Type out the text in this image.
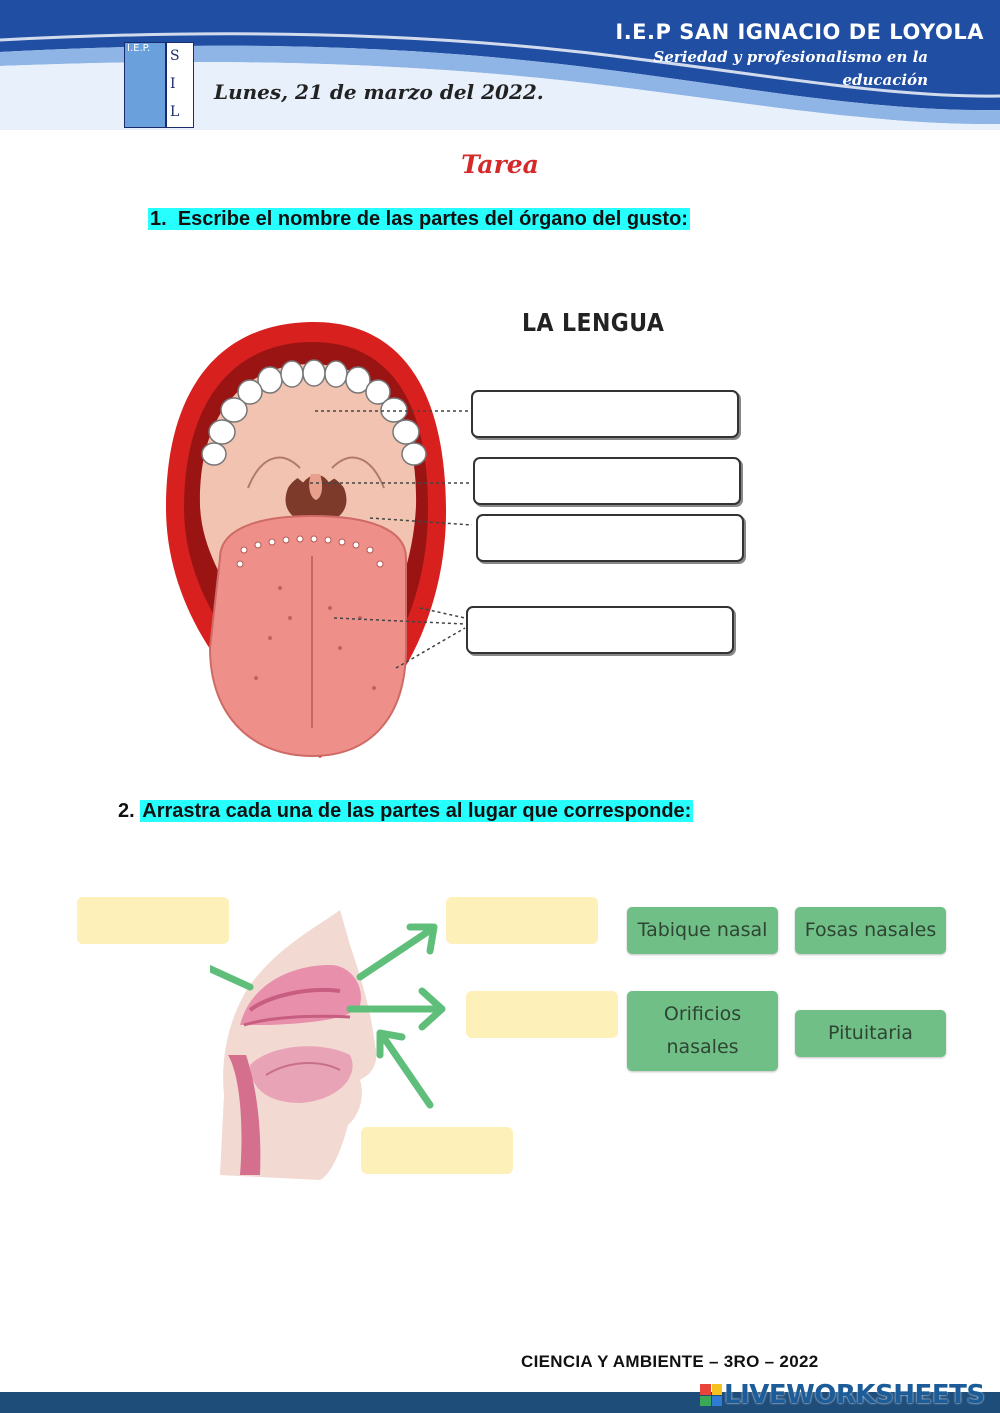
I.E.P SAN IGNACIO DE LOYOLA
Seriedad y profesionalismo en la educación
I.E.P. S
I
L
Lunes, 21 de marzo del 2022.
Tarea
1. Escribe el nombre de las partes del órgano del gusto:
LA LENGUA
2. Arrastra cada una de las partes al lugar que corresponde:
Tabique nasal	Fosas nasales
Orificios nasales
Pituitaria
CIENCIA Y AMBIENTE – 3RO – 2022
LIVEWORKSHEETS
